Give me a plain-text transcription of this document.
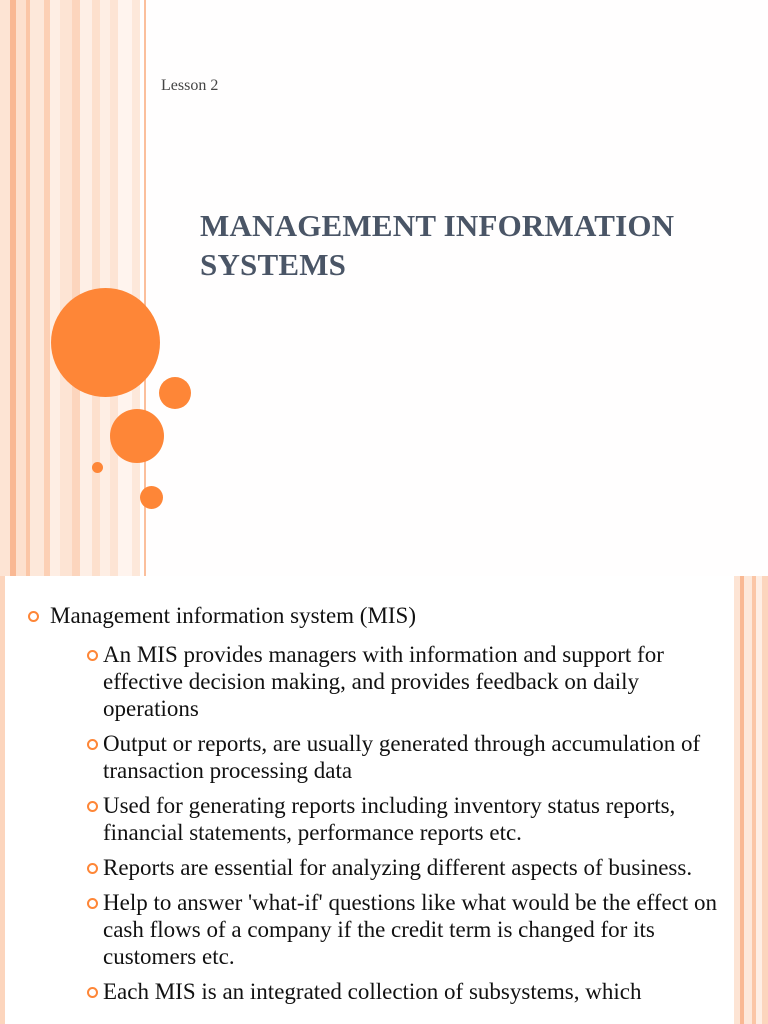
Lesson 2
MANAGEMENT INFORMATION
SYSTEMS
Management information system (MIS)
An MIS provides managers with information and support for effective decision making, and provides feedback on daily operations
Output or reports, are usually generated through accumulation of transaction processing data
Used for generating reports including inventory status reports, financial statements, performance reports etc.
Reports are essential for analyzing different aspects of business.
Help to answer 'what-if' questions like what would be the effect on cash flows of a company if the credit term is changed for its customers etc.
Each MIS is an integrated collection of subsystems, which
